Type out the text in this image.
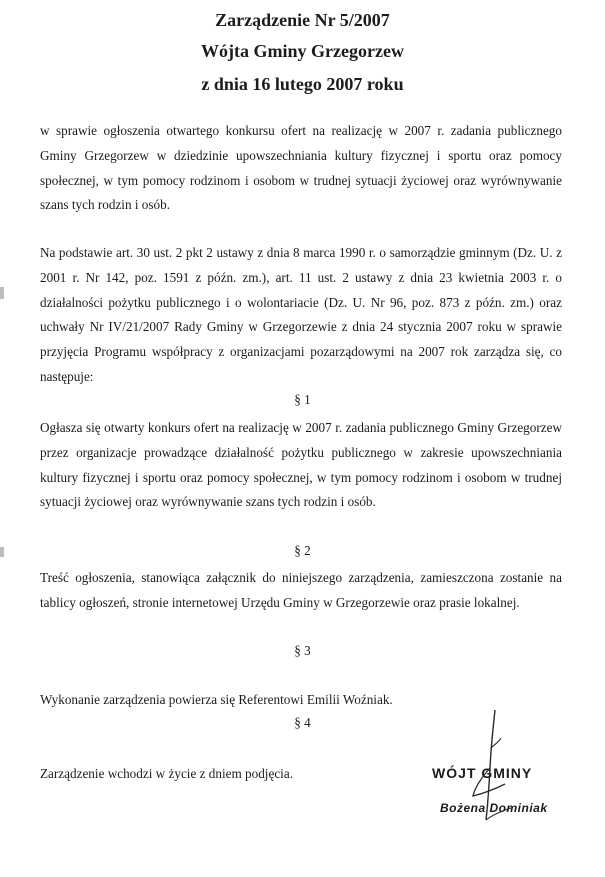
Zarządzenie Nr 5/2007
Wójta Gminy Grzegorzew
z dnia 16 lutego 2007 roku

w sprawie ogłoszenia otwartego konkursu ofert na realizację w 2007 r. zadania publicznego Gminy Grzegorzew w dziedzinie upowszechniania kultury fizycznej i sportu oraz pomocy społecznej, w tym pomocy rodzinom i osobom w trudnej sytuacji życiowej oraz wyrównywanie szans tych rodzin i osób.

Na podstawie art. 30 ust. 2 pkt 2 ustawy z dnia 8 marca 1990 r. o samorządzie gminnym (Dz. U. z 2001 r. Nr 142, poz. 1591 z późn. zm.), art. 11 ust. 2 ustawy z dnia 23 kwietnia 2003 r. o działalności pożytku publicznego i o wolontariacie (Dz. U. Nr 96, poz. 873 z późn. zm.) oraz uchwały Nr IV/21/2007 Rady Gminy w Grzegorzewie z dnia 24 stycznia 2007 roku w sprawie przyjęcia Programu współpracy z organizacjami pozarządowymi na 2007 rok zarządza się, co następuje:

§ 1

Ogłasza się otwarty konkurs ofert na realizację w 2007 r. zadania publicznego Gminy Grzegorzew przez organizacje prowadzące działalność pożytku publicznego w zakresie upowszechniania kultury fizycznej i sportu oraz pomocy społecznej, w tym pomocy rodzinom i osobom w trudnej sytuacji życiowej oraz wyrównywanie szans tych rodzin i osób.

§ 2

Treść ogłoszenia, stanowiąca załącznik do niniejszego zarządzenia, zamieszczona zostanie na tablicy ogłoszeń, stronie internetowej Urzędu Gminy w Grzegorzewie oraz prasie lokalnej.

§ 3
Wykonanie zarządzenia powierza się Referentowi Emilii Woźniak.
§ 4
Zarządzenie wchodzi w życie z dniem podjęcia.	WÓJT GMINY
Bożena Dominiak
